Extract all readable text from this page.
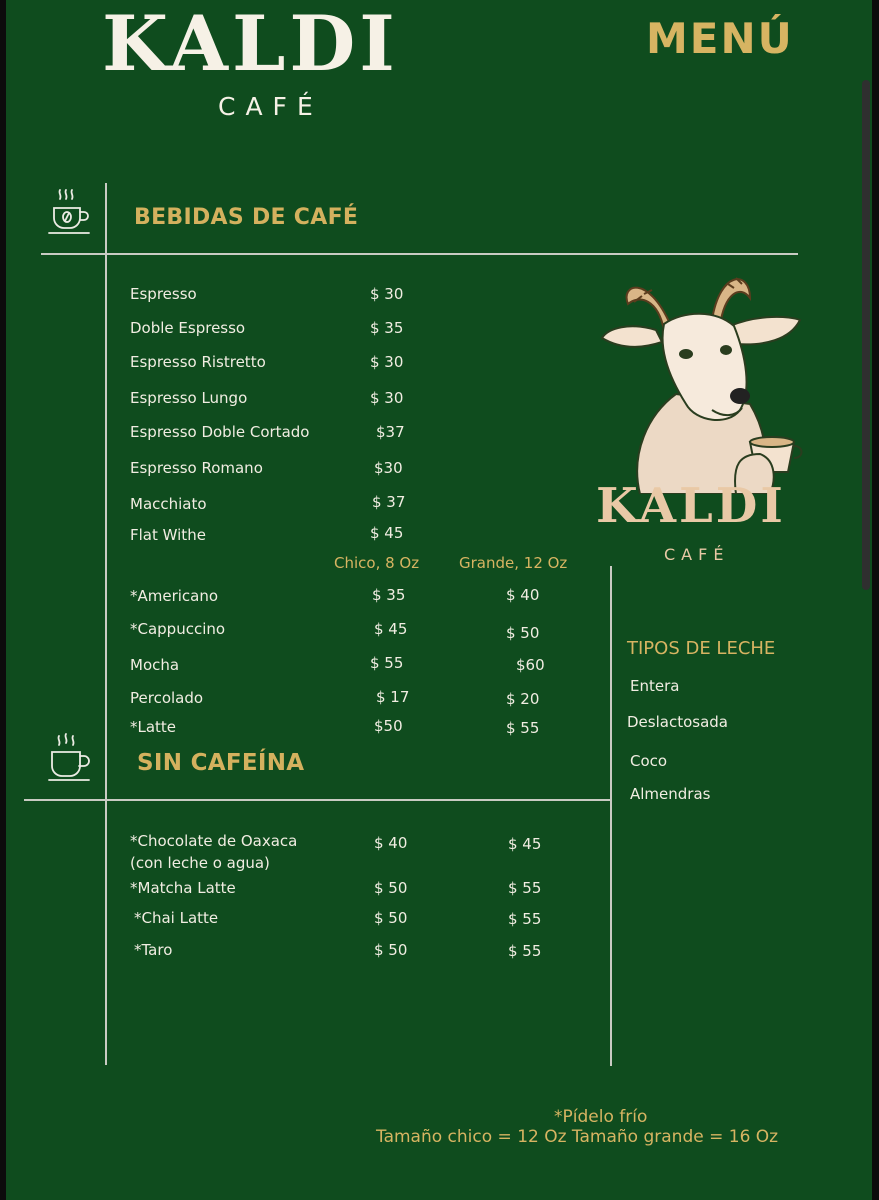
KALDI
CAFÉ
MENÚ
BEBIDAS DE CAFÉ
Espresso	$ 30
Doble Espresso	$ 35
Espresso Ristretto	$ 30
Espresso Lungo	$ 30
Espresso Doble Cortado	$37
Espresso Romano	$30
Macchiato	$ 37
Flat Withe	$ 45
Chico, 8 Oz	Grande, 12 Oz
*Americano	$ 35	$ 40
*Cappuccino	$ 45	$ 50
Mocha	$ 55	$60
Percolado	$ 17	$ 20
*Latte	$50	$ 55
SIN CAFEÍNA
*Chocolate de Oaxaca
(con leche o agua)
$ 40	$ 45
*Matcha Latte	$ 50	$ 55
*Chai Latte	$ 50	$ 55
*Taro	$ 50	$ 55
KALDI
CAFÉ
TIPOS DE LECHE
Entera
Deslactosada
Coco
Almendras
*Pídelo frío
Tamaño chico = 12 Oz Tamaño grande = 16 Oz
